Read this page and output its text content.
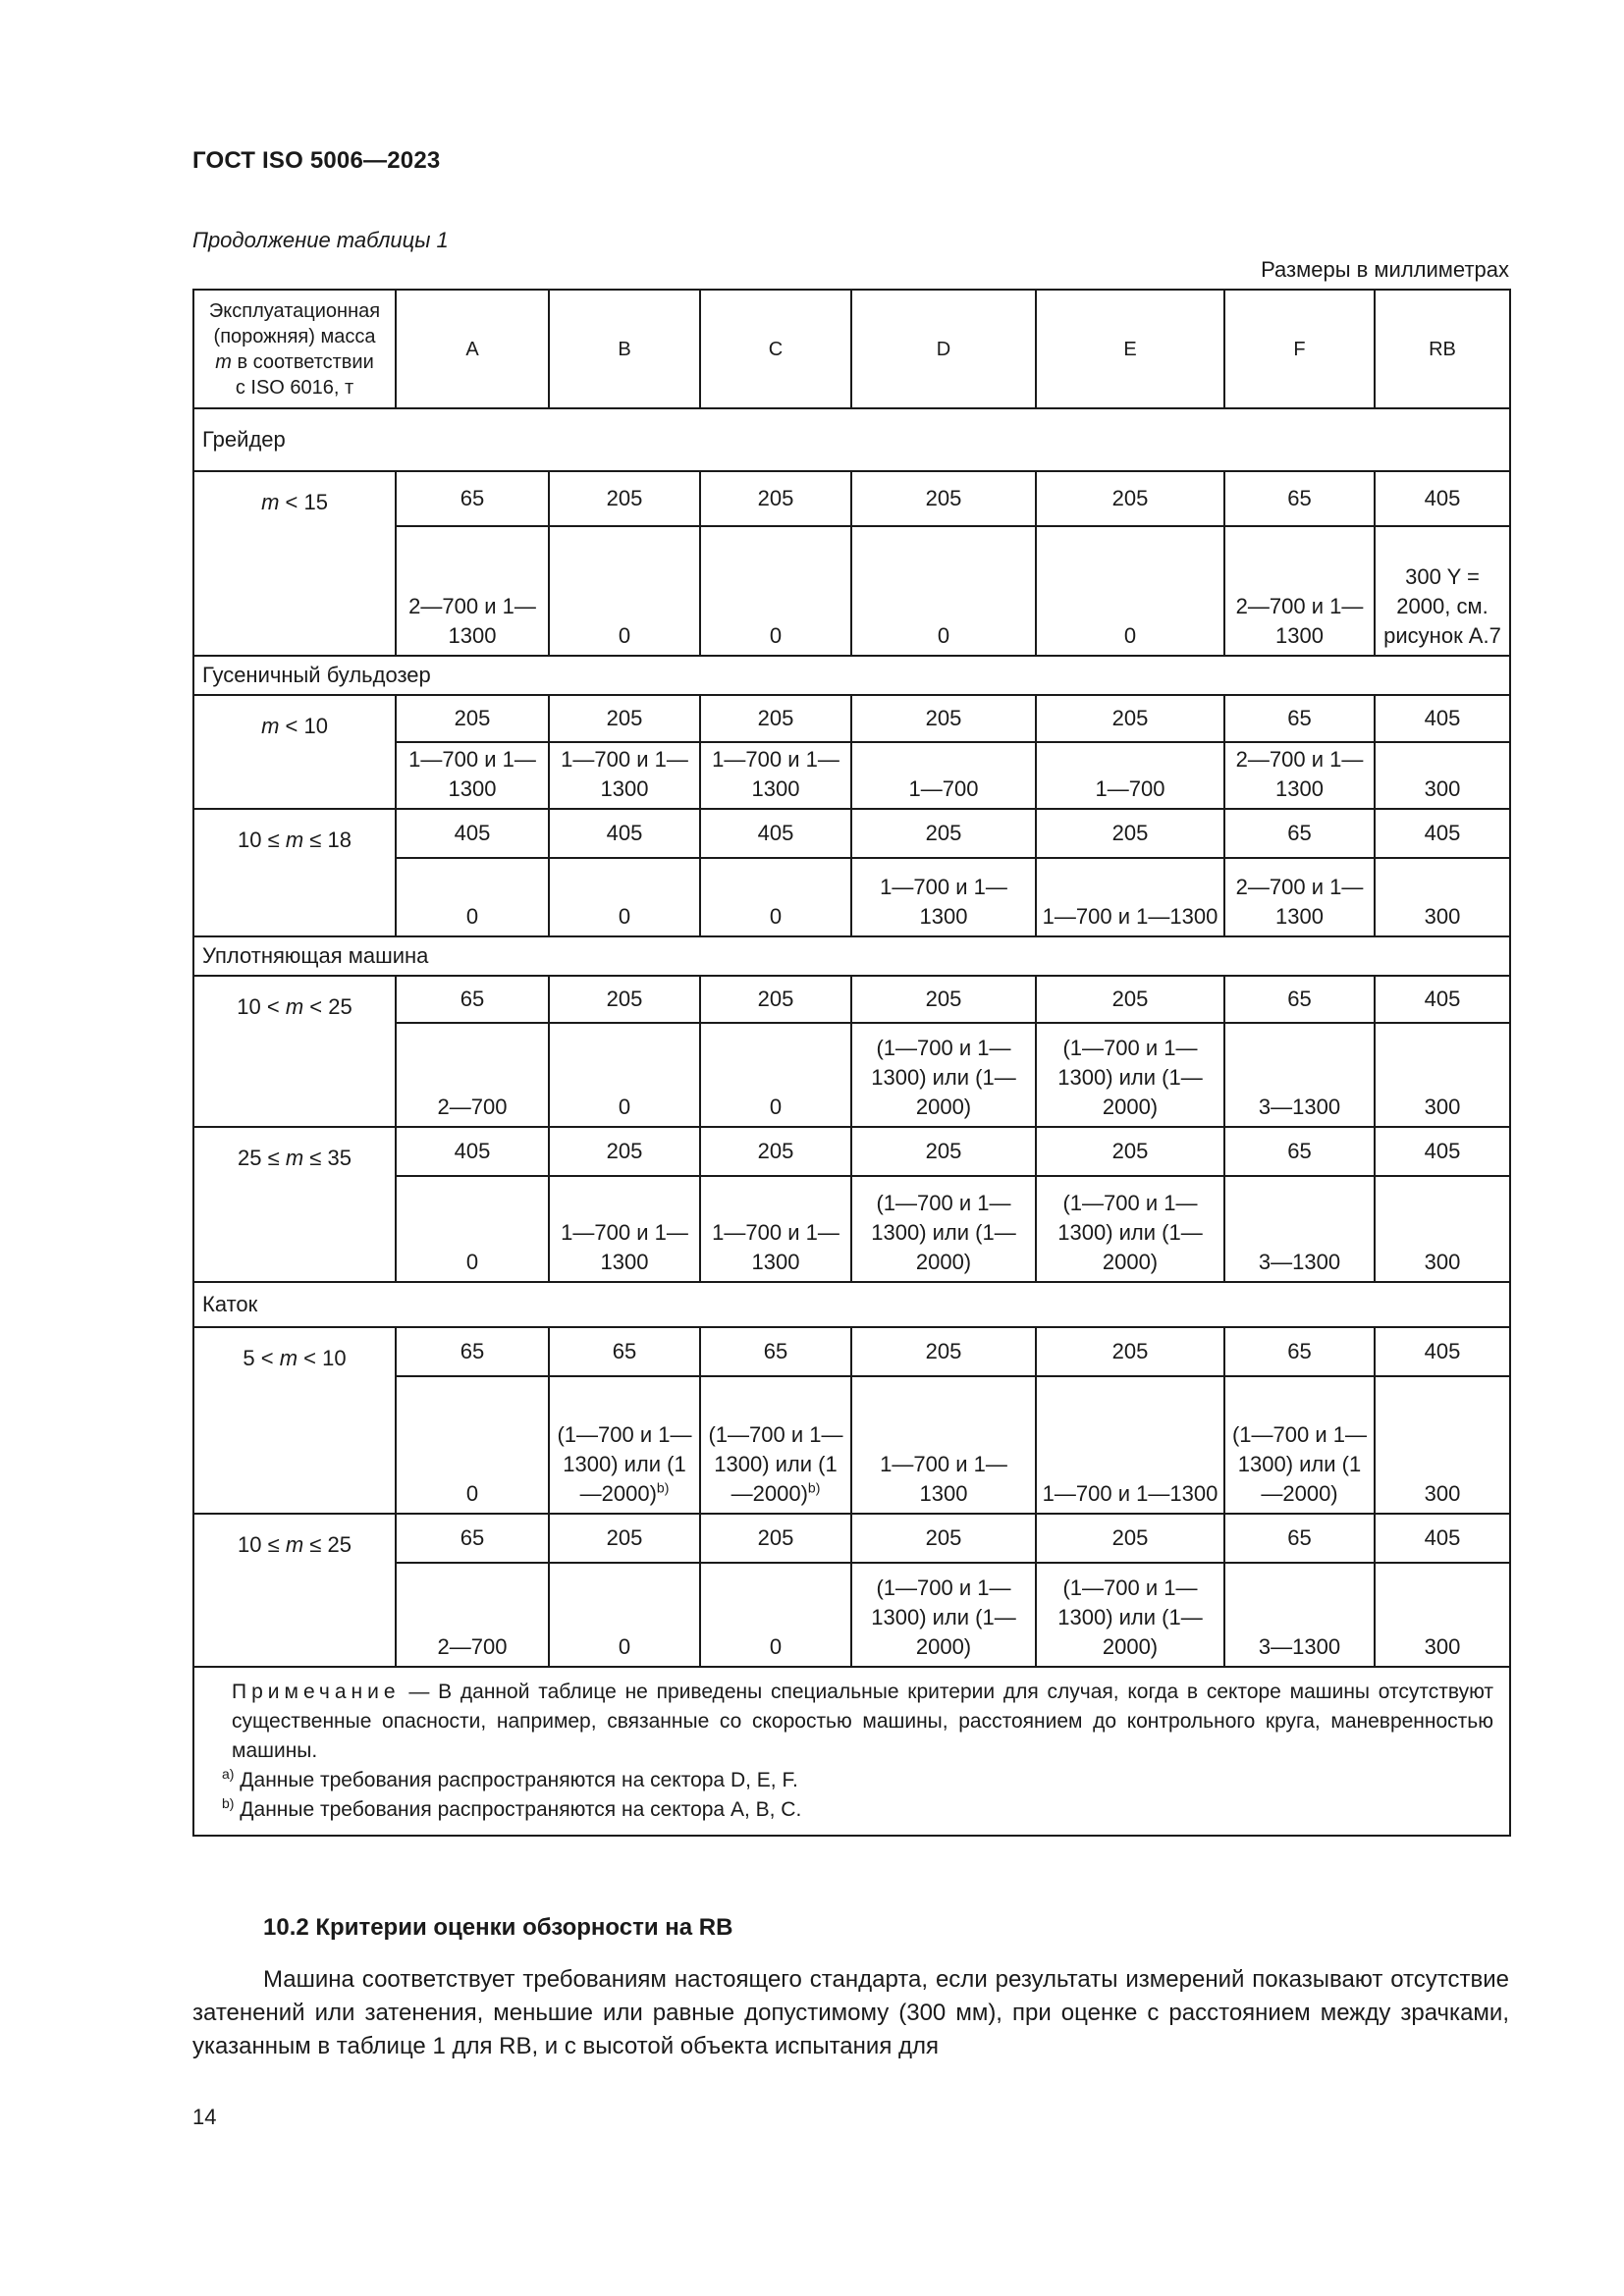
ГОСТ ISO 5006—2023
Продолжение таблицы 1
Размеры в миллиметрах
Эксплуатационная
(порожняя) масса
m в соответствии
с ISO 6016, т	A	B	C	D	E	F	RB
Грейдер							
m < 15	65	205	205	205	205	65	405
	2—700 и 1—1300	0	0	0	0	2—700 и 1—1300	300 Y = 2000, см. рисунок А.7
Гусеничный бульдозер							
m < 10	205	205	205	205	205	65	405
	1—700 и 1—1300	1—700 и 1—1300	1—700 и 1—1300	1—700	1—700	2—700 и 1—1300	300
10 ≤ m ≤ 18	405	405	405	205	205	65	405
	0	0	0	1—700 и 1—1300	1—700 и 1—1300	2—700 и 1—1300	300
Уплотняющая машина							
10 < m < 25	65	205	205	205	205	65	405
	2—700	0	0	(1—700 и 1—1300) или (1—2000)	(1—700 и 1—1300) или (1—2000)	3—1300	300
25 ≤ m ≤ 35	405	205	205	205	205	65	405
	0	1—700 и 1—1300	1—700 и 1—1300	(1—700 и 1—1300) или (1—2000)	(1—700 и 1—1300) или (1—2000)	3—1300	300
Каток							
5 < m < 10	65	65	65	205	205	65	405
	0	(1—700 и 1—1300) или (1—2000)$^{b)}$	(1—700 и 1—1300) или (1—2000)$^{b)}$	1—700 и 1—1300	1—700 и 1—1300	(1—700 и 1—1300) или (1—2000)	300
10 ≤ m ≤ 25	65	205	205	205	205	65	405
	2—700	0	0	(1—700 и 1—1300) или (1—2000)	(1—700 и 1—1300) или (1—2000)	3—1300	300

Примечание — В данной таблице не приведены специальные критерии для случая, когда в секторе машины отсутствуют существенные опасности, например, связанные со скоростью машины, расстоянием до контрольного круга, маневренностью машины.
$^{a)}$ Данные требования распространяются на сектора D, E, F.
$^{b)}$ Данные требования распространяются на сектора А, В, С.							
10.2 Критерии оценки обзорности на RB
Машина соответствует требованиям настоящего стандарта, если результаты измерений показывают отсутствие затенений или затенения, меньшие или равные допустимому (300 мм), при оценке с расстоянием между зрачками, указанным в таблице 1 для RB, и с высотой объекта испытания для
14
